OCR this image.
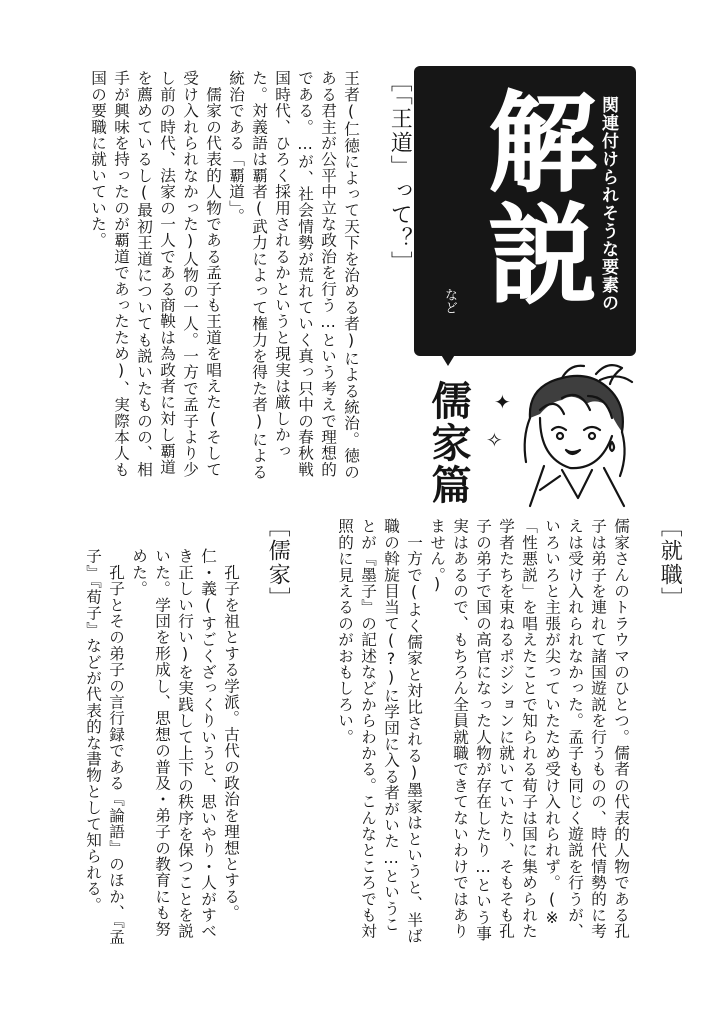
［「王道」って？］

王者(仁徳によって天下を治める者)による統治。徳のある君主が公平中立な政治を行う…という考えで理想的である。…が、社会情勢が荒れていく真っ只中の春秋戦国時代、ひろく採用されるかというと現実は厳しかった。対義語は覇者(武力によって権力を得た者)による統治である「覇道」。
　儒家の代表的人物である孟子も王道を唱えた(そして受け入れられなかった)人物の一人。一方で孟子より少し前の時代、法家の一人である商鞅は為政者に対し覇道を薦めているし(最初王道についても説いたものの、相手が興味を持ったのが覇道であったため)、実際本人も国の要職に就いていた。	解説 関連付けられそうな要素の

など

儒家篇	✦
✧
［就職］

儒家さんのトラウマのひとつ。儒者の代表的人物である孔子は弟子を連れて諸国遊説を行うものの、時代情勢的に考えは受け入れられなかった。孟子も同じく遊説を行うが、いろいろと主張が尖っていたため受け入れられず。(※「性悪説」を唱えたことで知られる荀子は国に集められた学者たちを束ねるポジションに就いていたり、そもそも孔子の弟子で国の高官になった人物が存在したり…という事実はあるので、もちろん全員就職できてないわけではありません。)
　一方で(よく儒家と対比される)墨家はというと、半ば職の斡旋目当て(?)に学団に入る者がいた…ということが『墨子』の記述などからわかる。こんなところでも対照的に見えるのがおもしろい。

［儒家］

　孔子を祖とする学派。古代の政治を理想とする。仁・義(すごくざっくりいうと、思いやり・人がすべき正しい行い)を実践して上下の秩序を保つことを説いた。学団を形成し、思想の普及・弟子の教育にも努めた。
　孔子とその弟子の言行録である『論語』のほか、『孟子』『荀子』などが代表的な書物として知られる。
